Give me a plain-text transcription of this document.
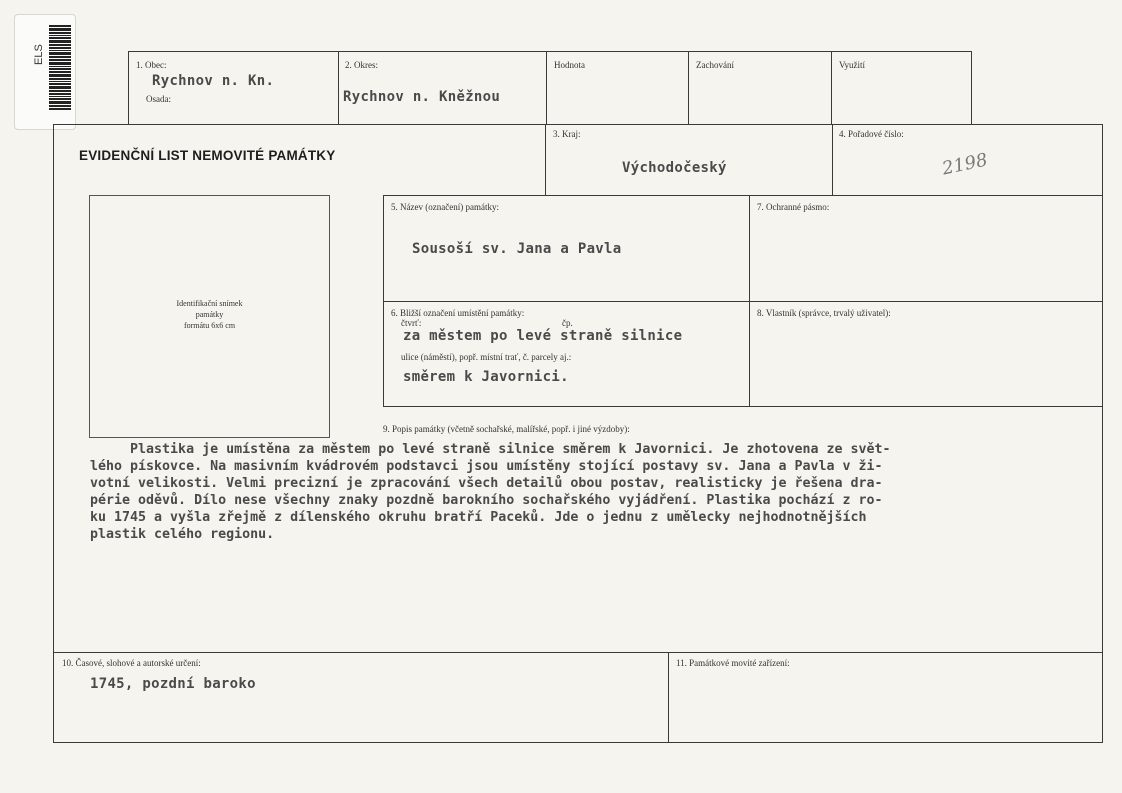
ELS	1. Obec:
Rychnov n. Kn.
Osada:
2. Okres:
Rychnov n. Kněžnou
Hodnota	Zachování	Využití
EVIDENČNÍ LIST NEMOVITÉ PAMÁTKY
3. Kraj:
Východočeský
4. Pořadové číslo:
2198
Identifikační snímek
památky
formátu 6x6 cm
5. Název (označení) památky:
Sousoší sv. Jana a Pavla
7. Ochranné pásmo:
6. Bližší označení umístění památky:
čtvrť:	čp.
za městem po levé straně silnice
ulice (náměstí), popř. místní trať, č. parcely aj.:
směrem k Javornici.
8. Vlastník (správce, trvalý uživatel):
9. Popis památky (včetně sochařské, malířské, popř. i jiné výzdoby):
Plastika je umístěna za městem po levé straně silnice směrem k Javornici. Je zhotovena ze svět-
lého pískovce. Na masivním kvádrovém podstavci jsou umístěny stojící postavy sv. Jana a Pavla v ži-
votní velikosti. Velmi precizní je zpracování všech detailů obou postav, realisticky je řešena dra-
périe oděvů. Dílo nese všechny znaky pozdně barokního sochařského vyjádření. Plastika pochází z ro-
ku 1745 a vyšla zřejmě z dílenského okruhu bratří Paceků. Jde o jednu z umělecky nejhodnotnějších
plastik celého regionu.
10. Časové, slohové a autorské určení:
1745, pozdní baroko
11. Památkové movité zařízení:
